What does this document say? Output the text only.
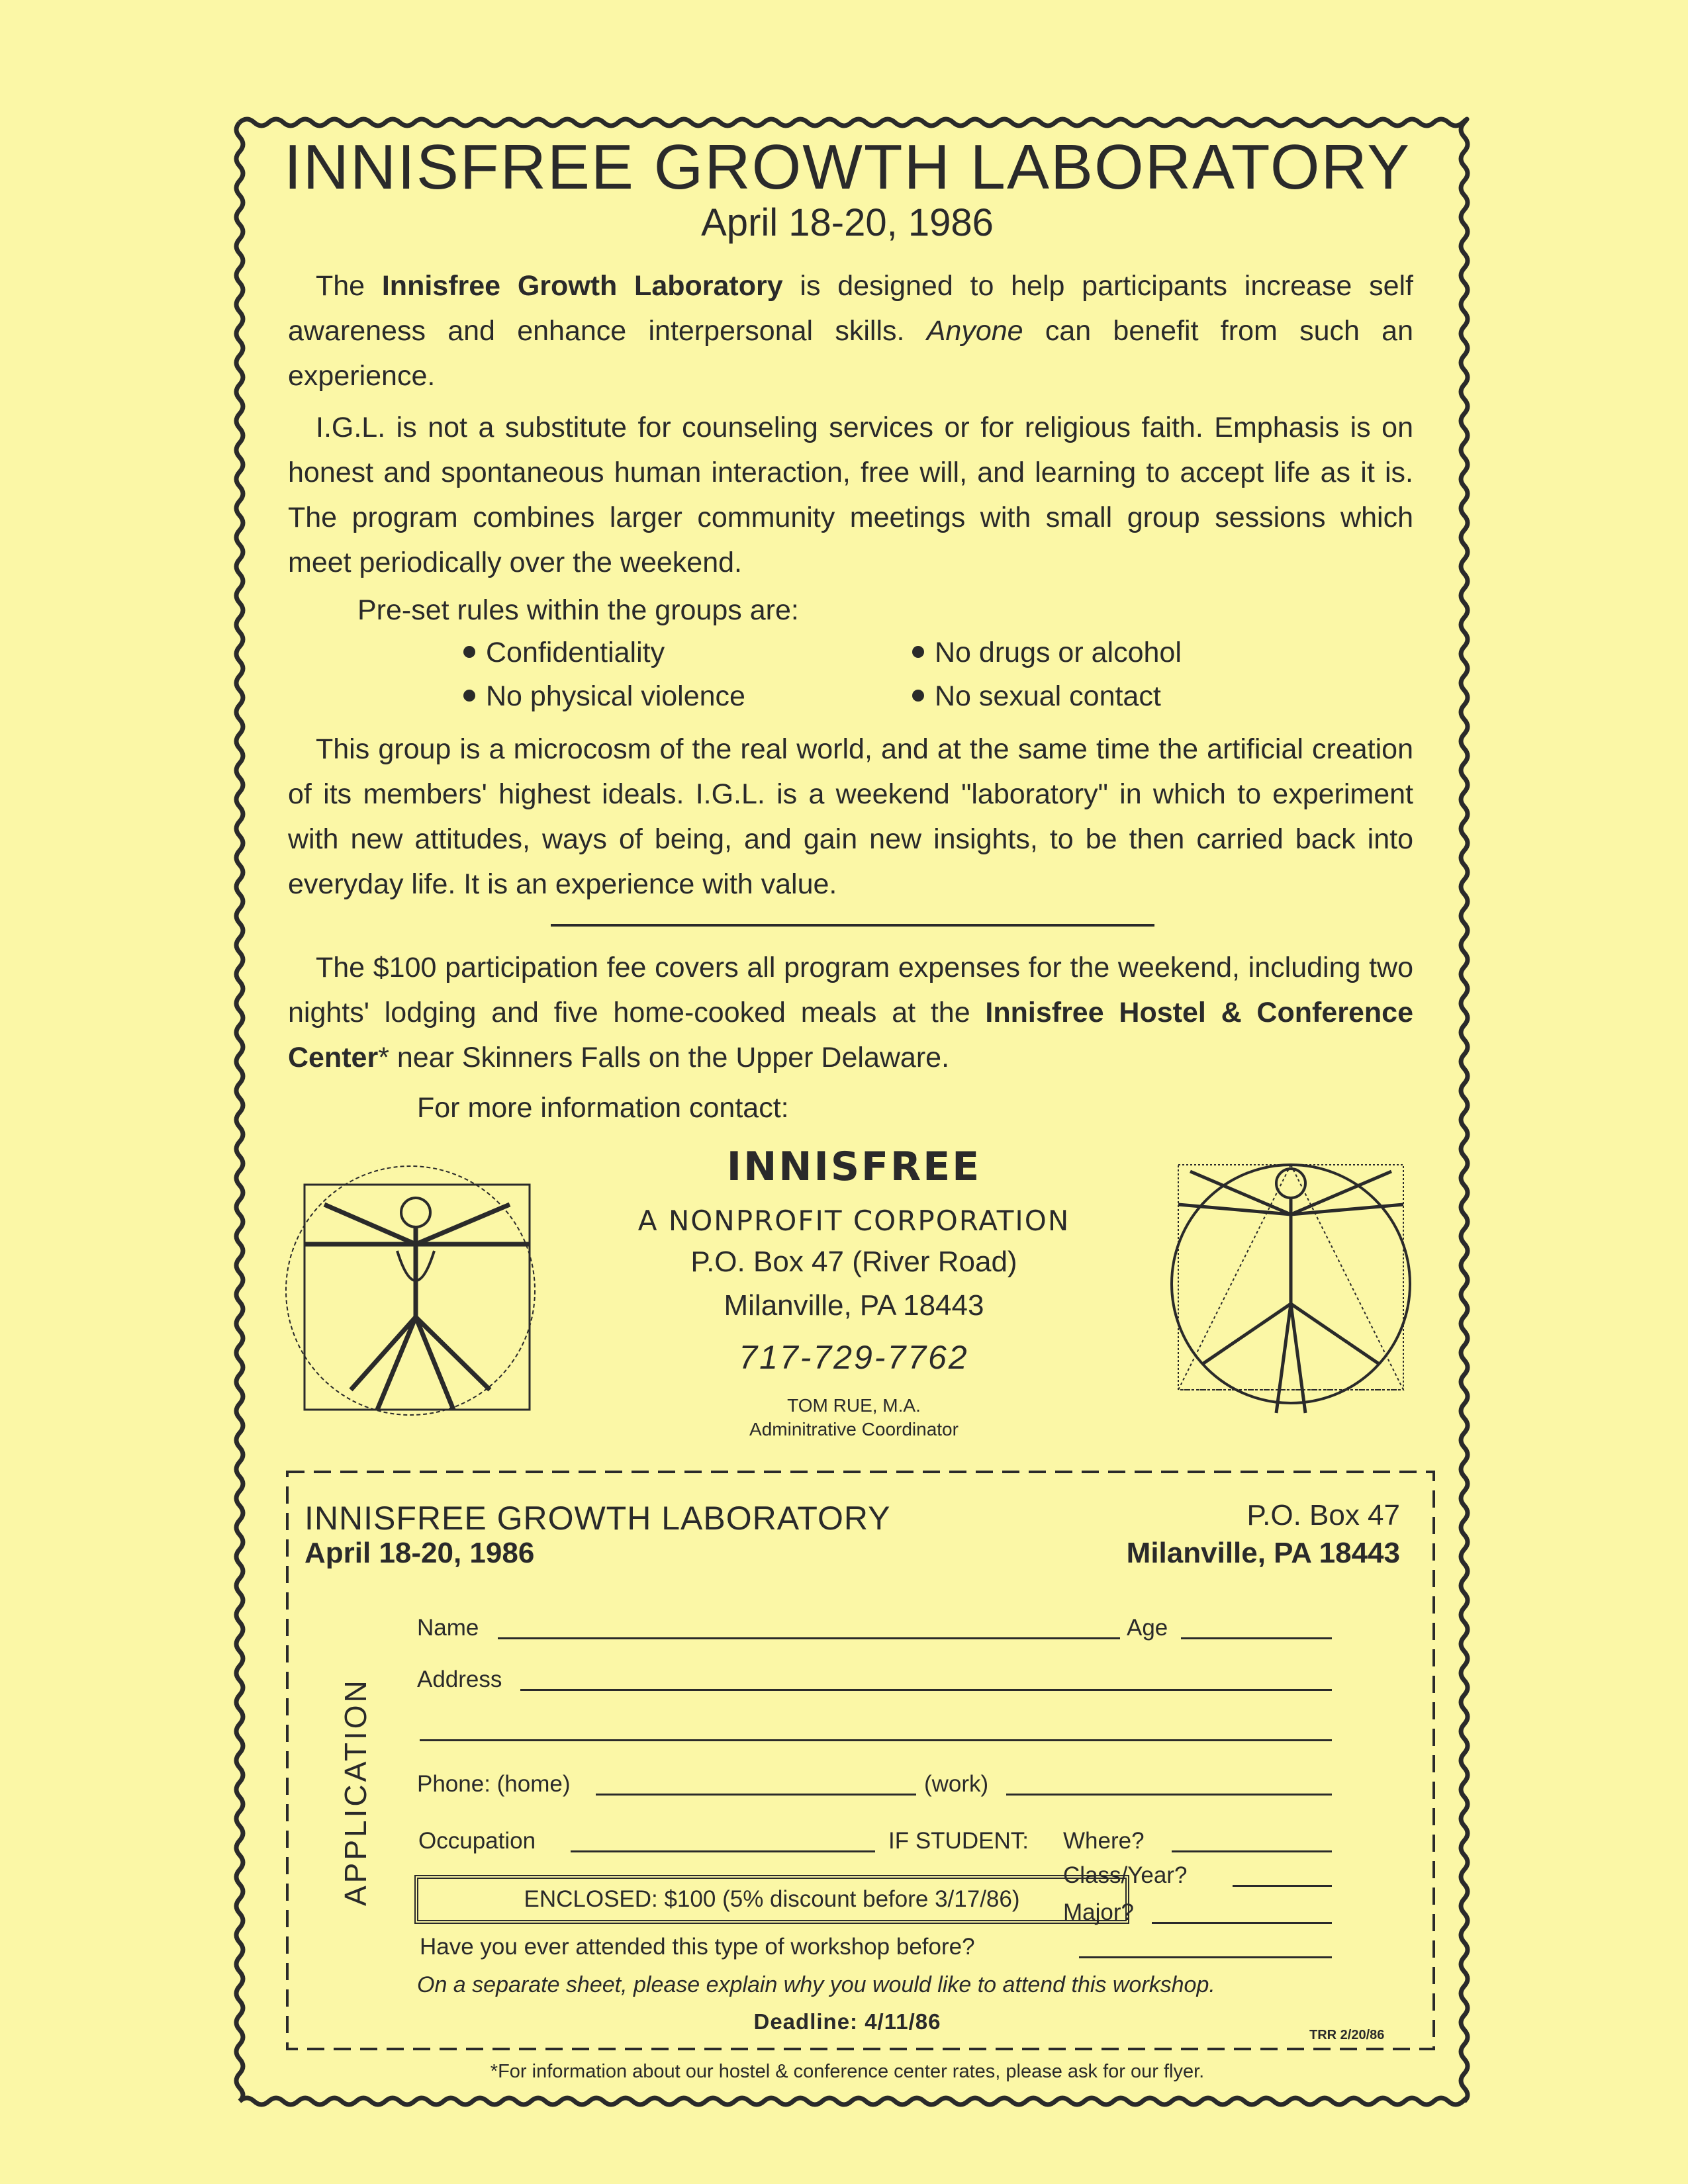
INNISFREE GROWTH LABORATORY
April 18-20, 1986
The Innisfree Growth Laboratory is designed to help participants increase self awareness and enhance interpersonal skills. Anyone can benefit from such an experience.
I.G.L. is not a substitute for counseling services or for religious faith. Emphasis is on honest and spontaneous human interaction, free will, and learning to accept life as it is. The program combines larger community meetings with small group sessions which meet periodically over the weekend.
Pre-set rules within the groups are:
Confidentiality	No drugs or alcohol
No physical violence	No sexual contact
This group is a microcosm of the real world, and at the same time the artificial creation of its members' highest ideals. I.G.L. is a weekend "laboratory" in which to experiment with new attitudes, ways of being, and gain new insights, to be then carried back into everyday life. It is an experience with value.
The $100 participation fee covers all program expenses for the weekend, including two nights' lodging and five home-cooked meals at the Innisfree Hostel & Conference Center* near Skinners Falls on the Upper Delaware.
For more information contact:
INNISFREE
A NONPROFIT CORPORATION
P.O. Box 47 (River Road)
Milanville, PA 18443
717-729-7762
TOM RUE, M.A.
Adminitrative Coordinator
INNISFREE GROWTH LABORATORY
April 18-20, 1986
P.O. Box 47
Milanville, PA 18443
APPLICATION
Name	Age
Address
Phone: (home)	(work)
Occupation	IF STUDENT: Where?
ENCLOSED: $100 (5% discount before 3/17/86)
Class/Year?
Major?
Have you ever attended this type of workshop before?
On a separate sheet, please explain why you would like to attend this workshop.
Deadline: 4/11/86
TRR 2/20/86
*For information about our hostel & conference center rates, please ask for our flyer.
